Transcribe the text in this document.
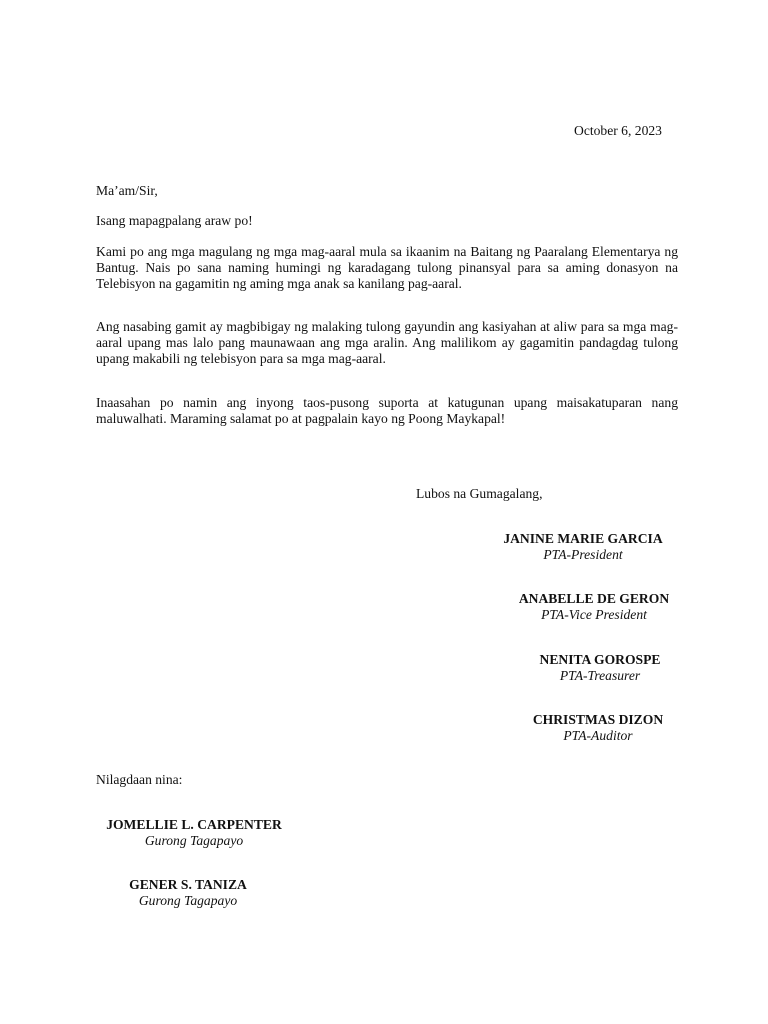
October 6, 2023
Ma’am/Sir,
Isang mapagpalang araw po!
Kami po ang mga magulang ng mga mag-aaral mula sa ikaanim na Baitang ng Paaralang Elementarya ng Bantug. Nais po sana naming humingi ng karadagang tulong pinansyal para sa aming donasyon na Telebisyon na gagamitin ng aming mga anak sa kanilang pag-aaral.
Ang nasabing gamit ay magbibigay ng malaking tulong gayundin ang kasiyahan at aliw para sa mga mag-aaral upang mas lalo pang maunawaan ang mga aralin. Ang malilikom ay gagamitin pandagdag tulong upang makabili ng telebisyon para sa mga mag-aaral.
Inaasahan po namin ang inyong taos-pusong suporta at katugunan upang maisakatuparan nang maluwalhati. Maraming salamat po at pagpalain kayo ng Poong Maykapal!
Lubos na Gumagalang,
JANINE MARIE GARCIA
PTA-President
ANABELLE DE GERON
PTA-Vice President
NENITA GOROSPE
PTA-Treasurer
CHRISTMAS DIZON
PTA-Auditor
Nilagdaan nina:
JOMELLIE L. CARPENTER
Gurong Tagapayo
GENER S. TANIZA
Gurong Tagapayo
